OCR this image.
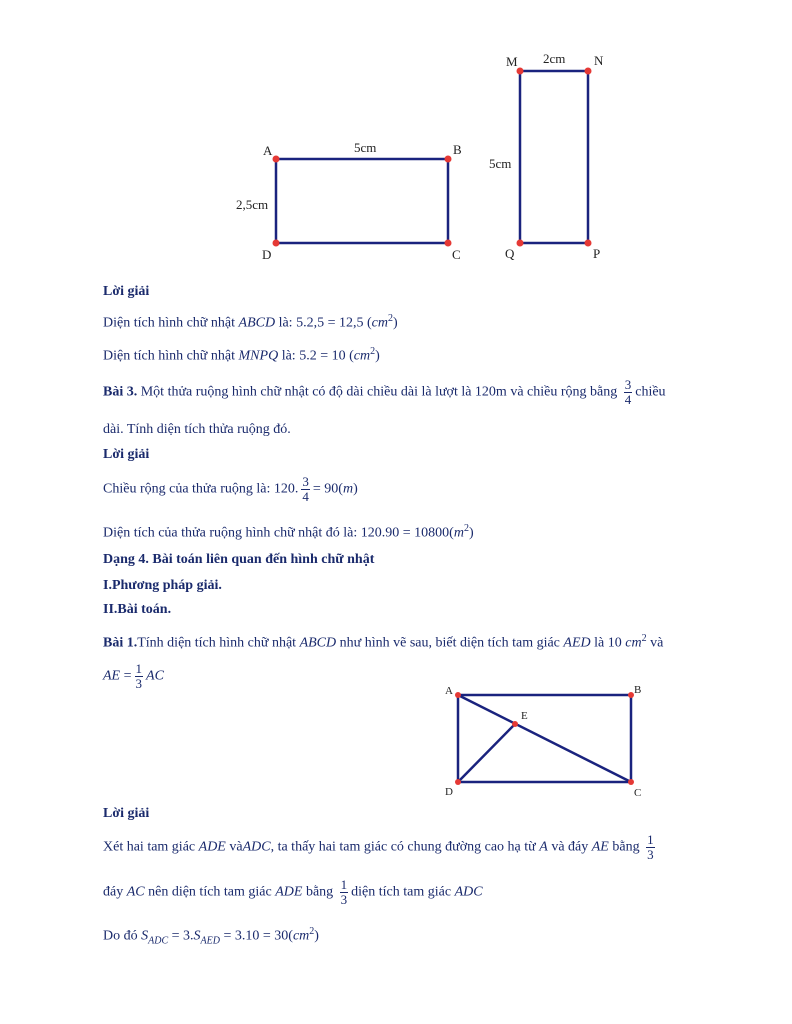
A	B
C
D
5cm
2,5cm
M	N
P
Q
2cm
5cm
Lời giải
Diện tích hình chữ nhật ABCD là: 5.2,5 = 12,5 $(cm^2)$
Diện tích hình chữ nhật MNPQ là: 5.2 = 10 $(cm^2)$
Bài 3. Một thửa ruộng hình chữ nhật có độ dài chiều dài là lượt là 120m và chiều rộng bằng $\frac{3}{4}$ chiều
dài. Tính diện tích thửa ruộng đó.
Lời giải
Chiều rộng của thửa ruộng là: 120. $\frac{3}{4} = 90(m)$
Diện tích của thửa ruộng hình chữ nhật đó là: $120.90 = 10800(m^2)$
Dạng 4. Bài toán liên quan đến hình chữ nhật
I.Phương pháp giải.
II.Bài toán.
Bài 1.Tính diện tích hình chữ nhật ABCD như hình vẽ sau, biết diện tích tam giác AED là 10 $cm^2$ và
AE = $\frac{1}{3}$ AC
A	B
C
D
E
Lời giải
Xét hai tam giác ADE vàADC, ta thấy hai tam giác có chung đường cao hạ từ A và đáy AE bằng $\frac{1}{3}$
đáy AC nên diện tích tam giác ADE bằng $\frac{1}{3}$ diện tích tam giác ADC
Do đó $S_{ADC} = 3.S_{AED} = 3.10 = 30(cm^2)$
